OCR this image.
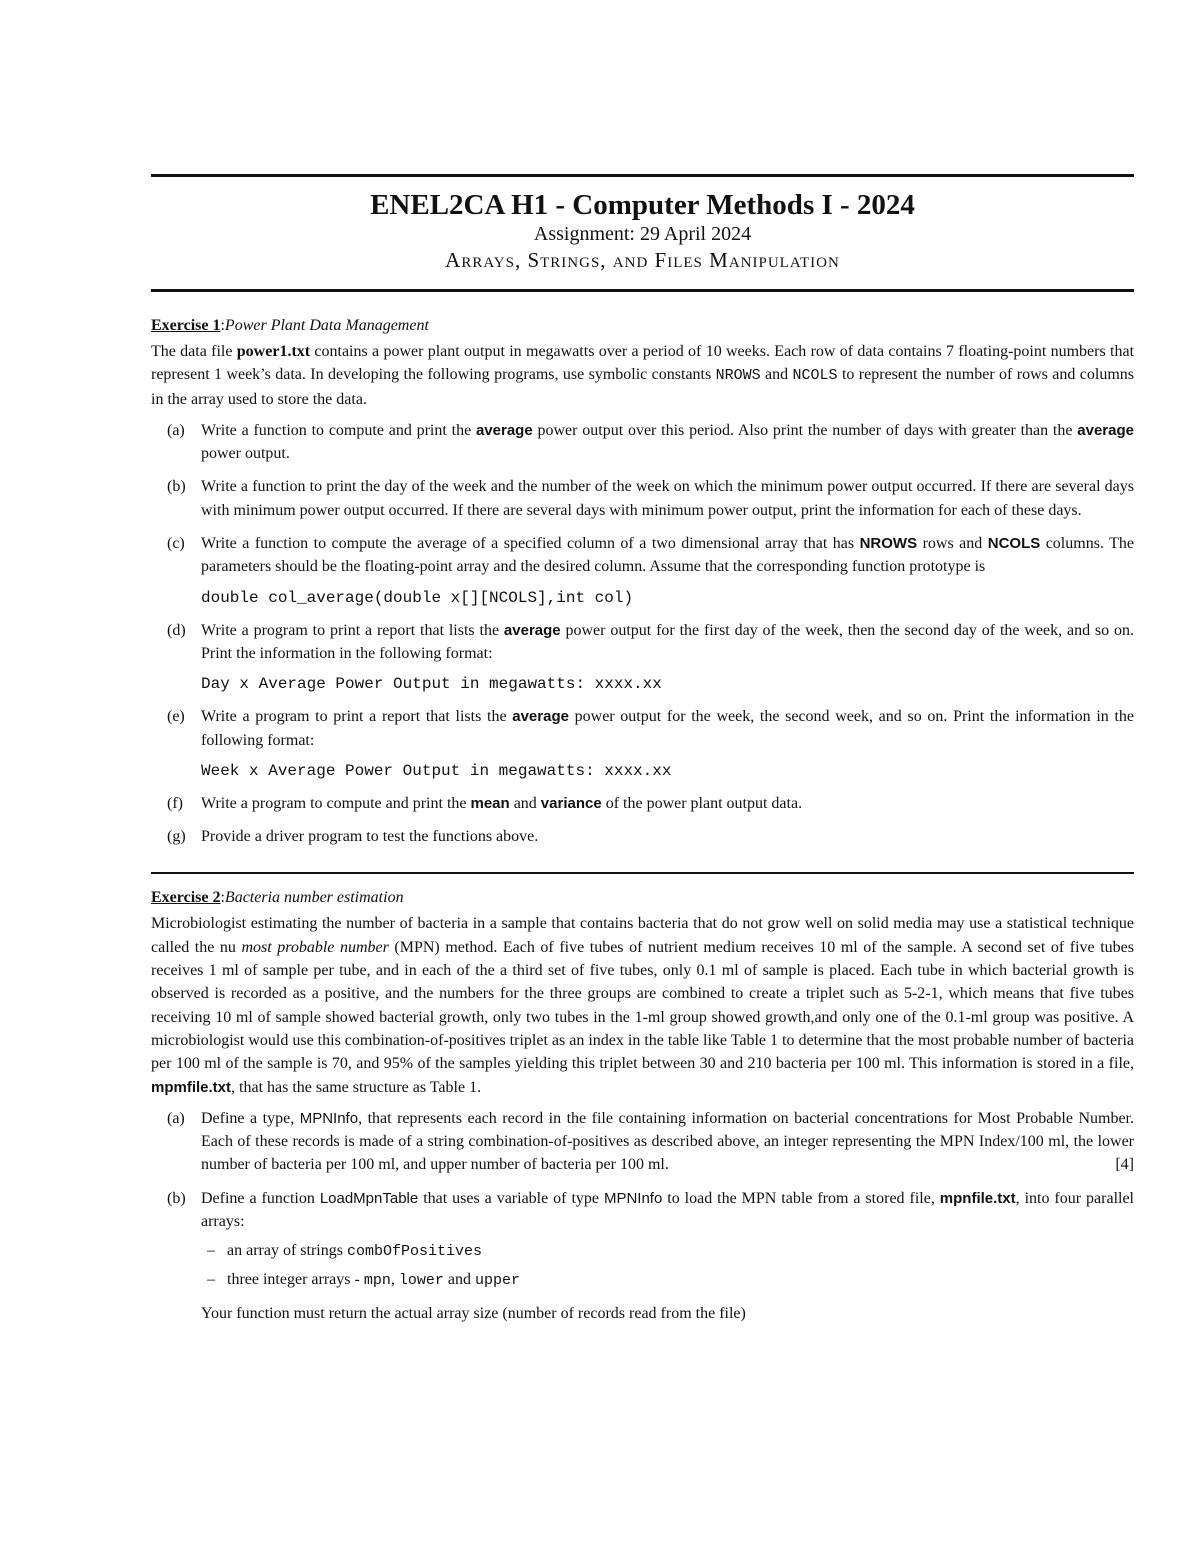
ENEL2CA H1 - Computer Methods I - 2024
Assignment: 29 April 2024
Arrays, Strings, and Files Manipulation
Exercise 1:Power Plant Data Management

The data file power1.txt contains a power plant output in megawatts over a period of 10 weeks. Each row of data contains 7 floating-point numbers that represent 1 week’s data. In developing the following programs, use symbolic constants NROWS and NCOLS to represent the number of rows and columns in the array used to store the data.

(a) Write a function to compute and print the average power output over this period. Also print the number of days with greater than the average power output.
(b) Write a function to print the day of the week and the number of the week on which the minimum power output occurred. If there are several days with minimum power output occurred. If there are several days with minimum power output, print the information for each of these days.
(c) Write a function to compute the average of a specified column of a two dimensional array that has NROWS rows and NCOLS columns. The parameters should be the floating-point array and the desired column. Assume that the corresponding function prototype is
double col_average(double x[][NCOLS],int col)
(d) Write a program to print a report that lists the average power output for the first day of the week, then the second day of the week, and so on. Print the information in the following format:
Day x Average Power Output in megawatts: xxxx.xx
(e) Write a program to print a report that lists the average power output for the week, the second week, and so on. Print the information in the following format:
Week x Average Power Output in megawatts: xxxx.xx
(f) Write a program to compute and print the mean and variance of the power plant output data.
(g) Provide a driver program to test the functions above.
Exercise 2:Bacteria number estimation

Microbiologist estimating the number of bacteria in a sample that contains bacteria that do not grow well on solid media may use a statistical technique called the nu most probable number (MPN) method. Each of five tubes of nutrient medium receives 10 ml of the sample. A second set of five tubes receives 1 ml of sample per tube, and in each of the a third set of five tubes, only 0.1 ml of sample is placed. Each tube in which bacterial growth is observed is recorded as a positive, and the numbers for the three groups are combined to create a triplet such as 5-2-1, which means that five tubes receiving 10 ml of sample showed bacterial growth, only two tubes in the 1-ml group showed growth,and only one of the 0.1-ml group was positive. A microbiologist would use this combination-of-positives triplet as an index in the table like Table 1 to determine that the most probable number of bacteria per 100 ml of the sample is 70, and 95% of the samples yielding this triplet between 30 and 210 bacteria per 100 ml. This information is stored in a file, mpmfile.txt, that has the same structure as Table 1.

(a) Define a type, MPNInfo, that represents each record in the file containing information on bacterial concentrations for Most Probable Number. Each of these records is made of a string combination-of-positives as described above, an integer representing the MPN Index/100 ml, the lower number of bacteria per 100 ml, and upper number of bacteria per 100 ml.	[4]
(b) Define a function LoadMpnTable that uses a variable of type MPNInfo to load the MPN table from a stored file, mpnfile.txt, into four parallel arrays:
– an array of strings combOfPositives
– three integer arrays - mpn, lower and upper
Your function must return the actual array size (number of records read from the file)
